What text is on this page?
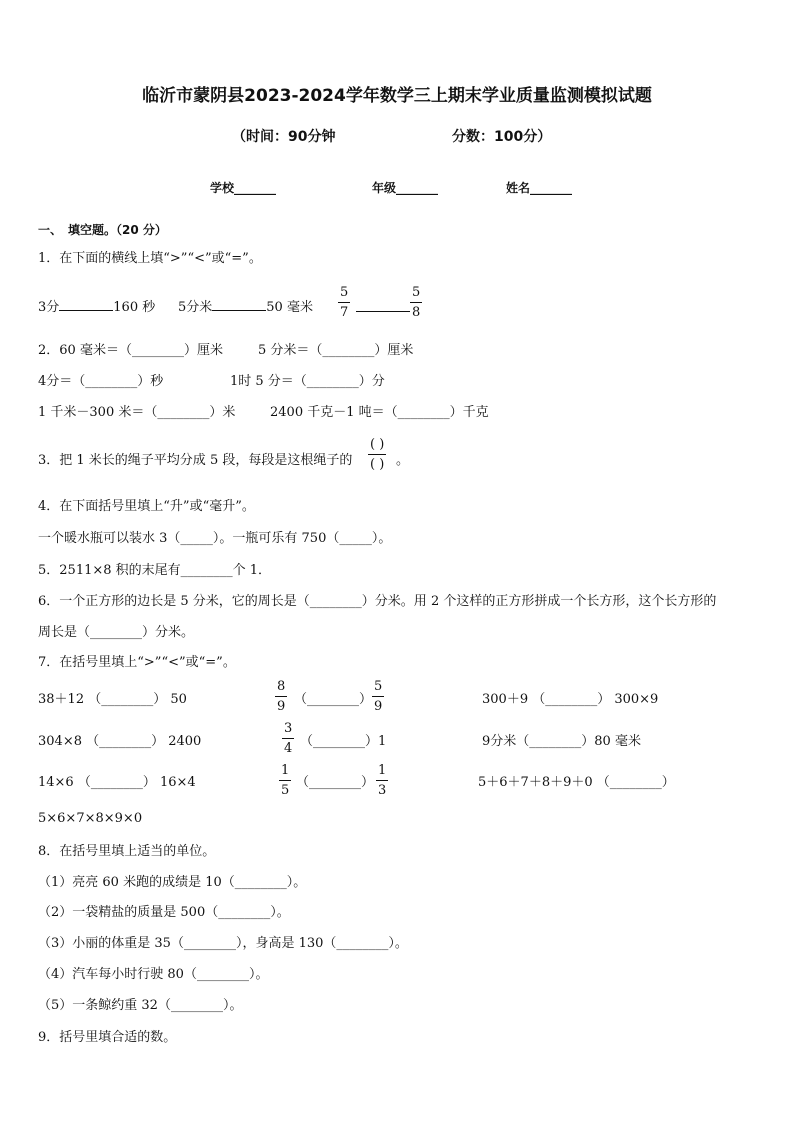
临沂市蒙阴县2023-2024学年数学三上期末学业质量监测模拟试题
（时间：90分钟	分数：100分）
学校_______	年级_______	姓名_______
一、　填空题。（20 分）
1．在下面的横线上填“>”“<”或“=”。
3分	160 秒 5分米	50 毫米 $\frac{5}{7}$	$\frac{5}{8}$
2．60 毫米＝（________）厘米	5 分米＝（________）厘米
4分＝（________）秒	1时 5 分＝（________）分
1 千米－300 米＝（________）米	2400 千克－1 吨＝（________）千克
3．把 1 米长的绳子平均分成 5 段，每段是这根绳子的
( )
( ) 。
4．在下面括号里填上“升”或“毫升”。
一个暖水瓶可以装水 3（_____）。一瓶可乐有 750（_____）。
5．2511×8 积的末尾有________个 1．
6．一个正方形的边长是 5 分米，它的周长是（________）分米。用 2 个这样的正方形拼成一个长方形，这个长方形的
周长是（________）分米。
7．在括号里填上“>”“<”或“=”。
38＋12 （________） 50	$\frac{8}{9}$ （________） $\frac{5}{9}$	300＋9 （________） 300×9
304×8 （________） 2400	$\frac{3}{4}$ （________）1	9分米（________）80 毫米
14×6 （________） 16×4	$\frac{1}{5}$ （________） $\frac{1}{3}$	5＋6＋7＋8＋9＋0 （________）
5×6×7×8×9×0
8．在括号里填上适当的单位。
（1）亮亮 60 米跑的成绩是 10（________）。
（2）一袋精盐的质量是 500（________）。
（3）小丽的体重是 35（________），身高是 130（________）。
（4）汽车每小时行驶 80（________）。
（5）一条鲸约重 32（________）。
9．括号里填合适的数。
